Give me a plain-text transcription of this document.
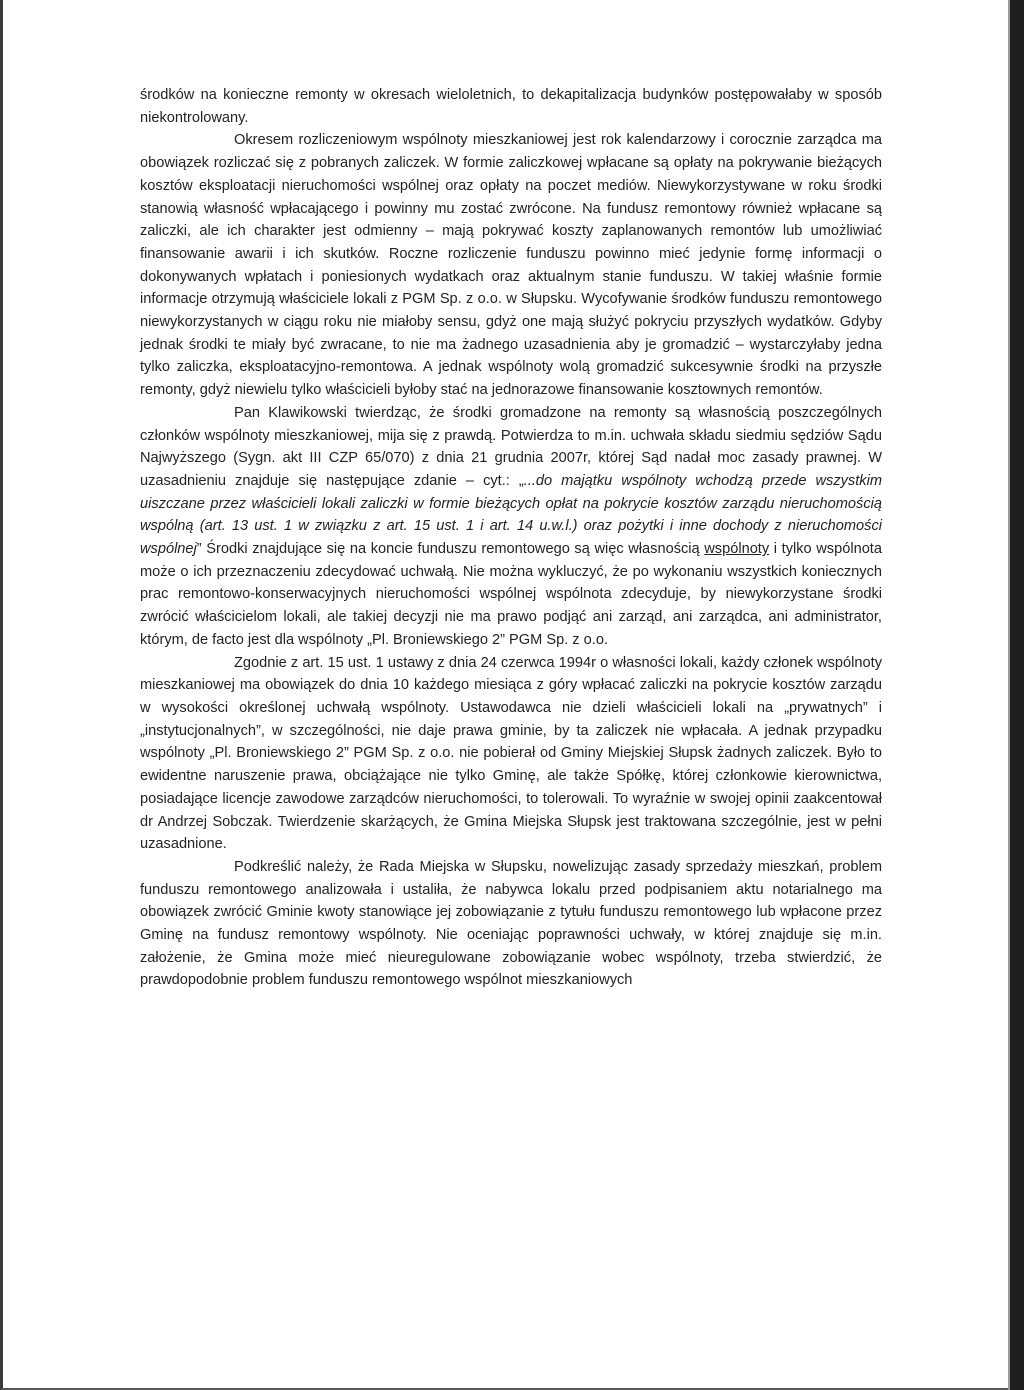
środków na konieczne remonty w okresach wieloletnich, to dekapitalizacja budynków postępowałaby w sposób niekontrolowany.

Okresem rozliczeniowym wspólnoty mieszkaniowej jest rok kalendarzowy i corocznie zarządca ma obowiązek rozliczać się z pobranych zaliczek. W formie zaliczkowej wpłacane są opłaty na pokrywanie bieżących kosztów eksploatacji nieruchomości wspólnej oraz opłaty na poczet mediów. Niewykorzystywane w roku środki stanowią własność wpłacającego i powinny mu zostać zwrócone. Na fundusz remontowy również wpłacane są zaliczki, ale ich charakter jest odmienny – mają pokrywać koszty zaplanowanych remontów lub umożliwiać finansowanie awarii i ich skutków. Roczne rozliczenie funduszu powinno mieć jedynie formę informacji o dokonywanych wpłatach i poniesionych wydatkach oraz aktualnym stanie funduszu. W takiej właśnie formie informacje otrzymują właściciele lokali z PGM Sp. z o.o. w Słupsku. Wycofywanie środków funduszu remontowego niewykorzystanych w ciągu roku nie miałoby sensu, gdyż one mają służyć pokryciu przyszłych wydatków. Gdyby jednak środki te miały być zwracane, to nie ma żadnego uzasadnienia aby je gromadzić – wystarczyłaby jedna tylko zaliczka, eksploatacyjno-remontowa. A jednak wspólnoty wolą gromadzić sukcesywnie środki na przyszłe remonty, gdyż niewielu tylko właścicieli byłoby stać na jednorazowe finansowanie kosztownych remontów.

Pan Klawikowski twierdząc, że środki gromadzone na remonty są własnością poszczególnych członków wspólnoty mieszkaniowej, mija się z prawdą. Potwierdza to m.in. uchwała składu siedmiu sędziów Sądu Najwyższego (Sygn. akt III CZP 65/070) z dnia 21 grudnia 2007r, której Sąd nadał moc zasady prawnej. W uzasadnieniu znajduje się następujące zdanie – cyt.: „...do majątku wspólnoty wchodzą przede wszystkim uiszczane przez właścicieli lokali zaliczki w formie bieżących opłat na pokrycie kosztów zarządu nieruchomością wspólną (art. 13 ust. 1 w związku z art. 15 ust. 1 i art. 14 u.w.l.) oraz pożytki i inne dochody z nieruchomości wspólnej” Środki znajdujące się na koncie funduszu remontowego są więc własnością wspólnoty i tylko wspólnota może o ich przeznaczeniu zdecydować uchwałą. Nie można wykluczyć, że po wykonaniu wszystkich koniecznych prac remontowo-konserwacyjnych nieruchomości wspólnej wspólnota zdecyduje, by niewykorzystane środki zwrócić właścicielom lokali, ale takiej decyzji nie ma prawo podjąć ani zarząd, ani zarządca, ani administrator, którym, de facto jest dla wspólnoty „Pl. Broniewskiego 2” PGM Sp. z o.o.

Zgodnie z art. 15 ust. 1 ustawy z dnia 24 czerwca 1994r o własności lokali, każdy członek wspólnoty mieszkaniowej ma obowiązek do dnia 10 każdego miesiąca z góry wpłacać zaliczki na pokrycie kosztów zarządu w wysokości określonej uchwałą wspólnoty. Ustawodawca nie dzieli właścicieli lokali na „prywatnych” i „instytucjonalnych”, w szczególności, nie daje prawa gminie, by ta zaliczek nie wpłacała. A jednak przypadku wspólnoty „Pl. Broniewskiego 2” PGM Sp. z o.o. nie pobierał od Gminy Miejskiej Słupsk żadnych zaliczek. Było to ewidentne naruszenie prawa, obciążające nie tylko Gminę, ale także Spółkę, której członkowie kierownictwa, posiadające licencje zawodowe zarządców nieruchomości, to tolerowali. To wyraźnie w swojej opinii zaakcentował dr Andrzej Sobczak. Twierdzenie skarżących, że Gmina Miejska Słupsk jest traktowana szczególnie, jest w pełni uzasadnione.

Podkreślić należy, że Rada Miejska w Słupsku, nowelizując zasady sprzedaży mieszkań, problem funduszu remontowego analizowała i ustaliła, że nabywca lokalu przed podpisaniem aktu notarialnego ma obowiązek zwrócić Gminie kwoty stanowiące jej zobowiązanie z tytułu funduszu remontowego lub wpłacone przez Gminę na fundusz remontowy wspólnoty. Nie oceniając poprawności uchwały, w której znajduje się m.in. założenie, że Gmina może mieć nieuregulowane zobowiązanie wobec wspólnoty, trzeba stwierdzić, że prawdopodobnie problem funduszu remontowego wspólnot mieszkaniowych
